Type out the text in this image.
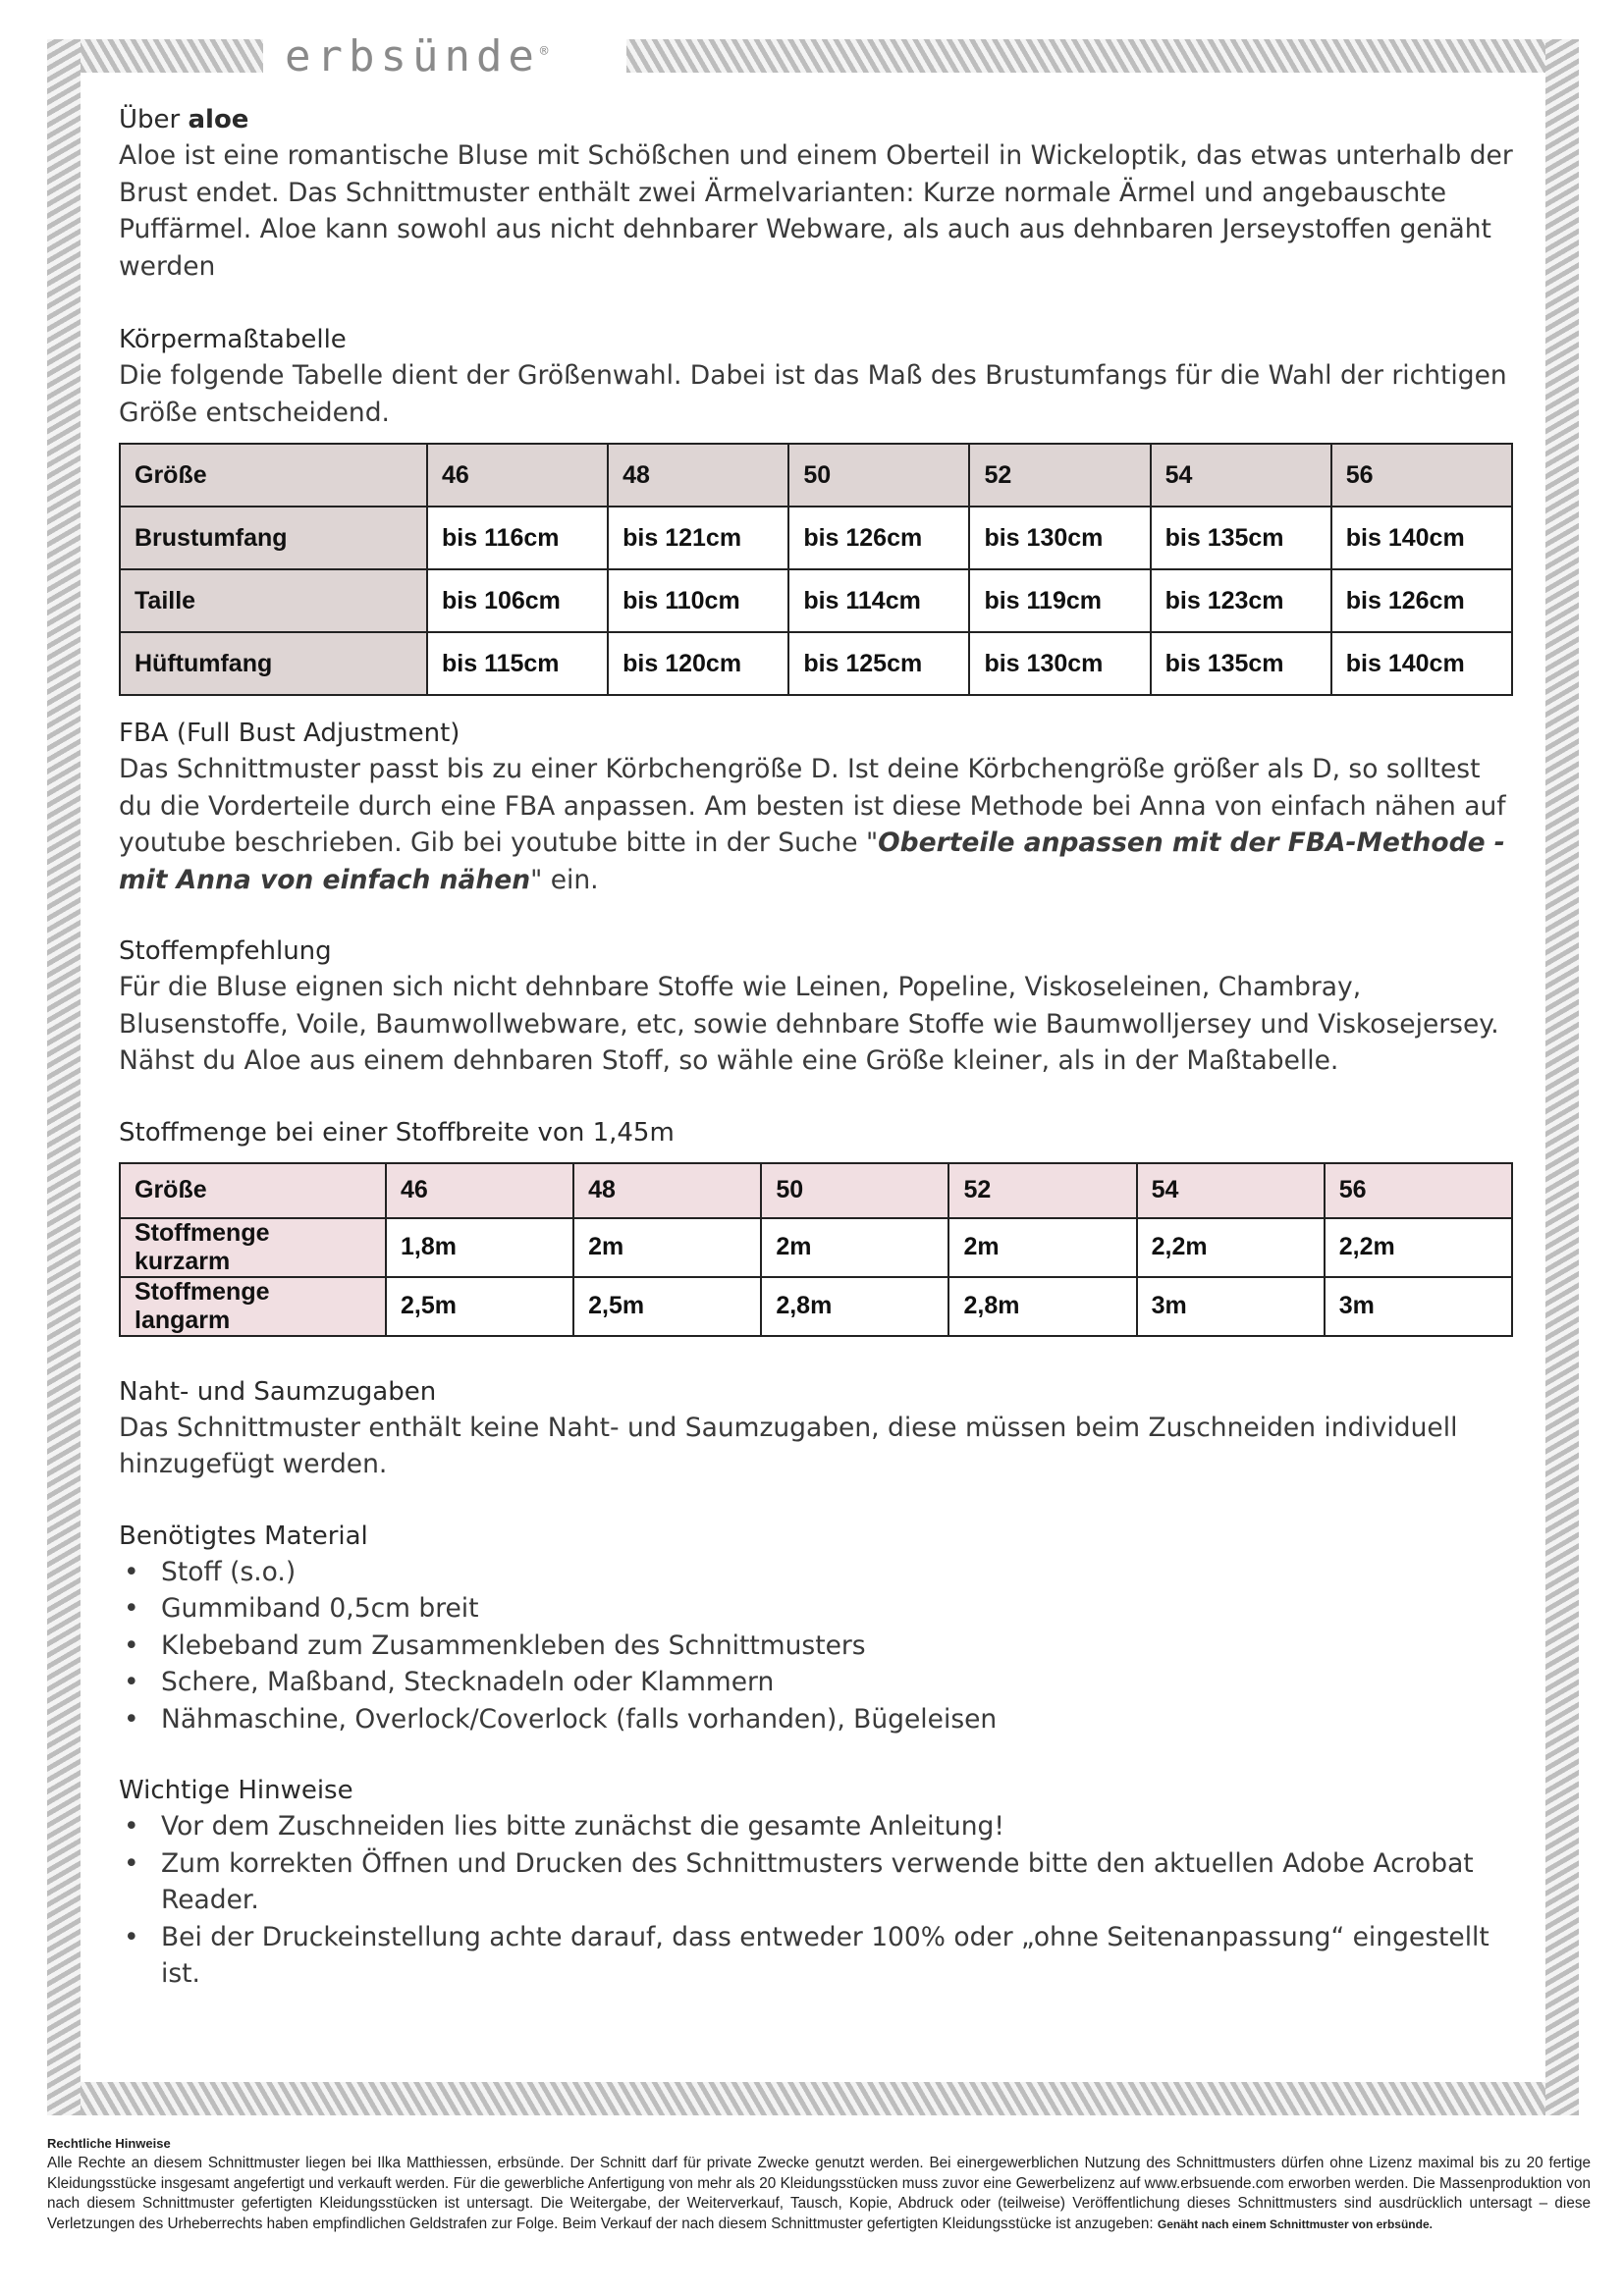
erbsünde®
Über aloe

Aloe ist eine romantische Bluse mit Schößchen und einem Oberteil in Wickeloptik, das etwas unterhalb der Brust endet. Das Schnittmuster enthält zwei Ärmelvarianten: Kurze normale Ärmel und angebauschte Puffärmel. Aloe kann sowohl aus nicht dehnbarer Webware, als auch aus dehnbaren Jerseystoffen genäht werden

Körpermaßtabelle

Die folgende Tabelle dient der Größenwahl. Dabei ist das Maß des Brustumfangs für die Wahl der richtigen Größe entscheidend.

Größe	46	48	50	52	54	56
Brustumfang	bis 116cm	bis 121cm	bis 126cm	bis 130cm	bis 135cm	bis 140cm
Taille	bis 106cm	bis 110cm	bis 114cm	bis 119cm	bis 123cm	bis 126cm
Hüftumfang	bis 115cm	bis 120cm	bis 125cm	bis 130cm	bis 135cm	bis 140cm
FBA (Full Bust Adjustment)

Das Schnittmuster passt bis zu einer Körbchengröße D. Ist deine Körbchengröße größer als D, so solltest du die Vorderteile durch eine FBA anpassen. Am besten ist diese Methode bei Anna von einfach nähen auf youtube beschrieben. Gib bei youtube bitte in der Suche "Oberteile anpassen mit der FBA-Methode - mit Anna von einfach nähen" ein.

Stoffempfehlung

Für die Bluse eignen sich nicht dehnbare Stoffe wie Leinen, Popeline, Viskoseleinen, Chambray, Blusenstoffe, Voile, Baumwollwebware, etc, sowie dehnbare Stoffe wie Baumwolljersey und Viskosejersey. Nähst du Aloe aus einem dehnbaren Stoff, so wähle eine Größe kleiner, als in der Maßtabelle.

Stoffmenge bei einer Stoffbreite von 1,45m
Größe	46	48	50	52	54	56
Stoffmenge kurzarm	1,8m	2m	2m	2m	2,2m	2,2m
Stoffmenge langarm	2,5m	2,5m	2,8m	2,8m	3m	3m
Naht- und Saumzugaben

Das Schnittmuster enthält keine Naht- und Saumzugaben, diese müssen beim Zuschneiden individuell hinzugefügt werden.

Benötigtes Material
• Stoff (s.o.)
• Gummiband 0,5cm breit
• Klebeband zum Zusammenkleben des Schnittmusters
• Schere, Maßband, Stecknadeln oder Klammern
• Nähmaschine, Overlock/Coverlock (falls vorhanden), Bügeleisen
Wichtige Hinweise
• Vor dem Zuschneiden lies bitte zunächst die gesamte Anleitung!
• Zum korrekten Öffnen und Drucken des Schnittmusters verwende bitte den aktuellen Adobe Acrobat Reader.
• Bei der Druckeinstellung achte darauf, dass entweder 100% oder „ohne Seitenanpassung“ eingestellt ist.
Rechtliche Hinweise
Alle Rechte an diesem Schnittmuster liegen bei Ilka Matthiessen, erbsünde. Der Schnitt darf für private Zwecke genutzt werden. Bei einergewerblichen Nutzung des Schnittmusters dürfen ohne Lizenz maximal bis zu 20 fertige Kleidungsstücke insgesamt angefertigt und verkauft werden. Für die gewerbliche Anfertigung von mehr als 20 Kleidungsstücken muss zuvor eine Gewerbelizenz auf www.erbsuende.com erworben werden. Die Massenproduktion von nach diesem Schnittmuster gefertigten Kleidungsstücken ist untersagt. Die Weitergabe, der Weiterverkauf, Tausch, Kopie, Abdruck oder (teilweise) Veröffentlichung dieses Schnittmusters sind ausdrücklich untersagt – diese Verletzungen des Urheberrechts haben empfindlichen Geldstrafen zur Folge. Beim Verkauf der nach diesem Schnittmuster gefertigten Kleidungsstücke ist anzugeben: Genäht nach einem Schnittmuster von erbsünde.
